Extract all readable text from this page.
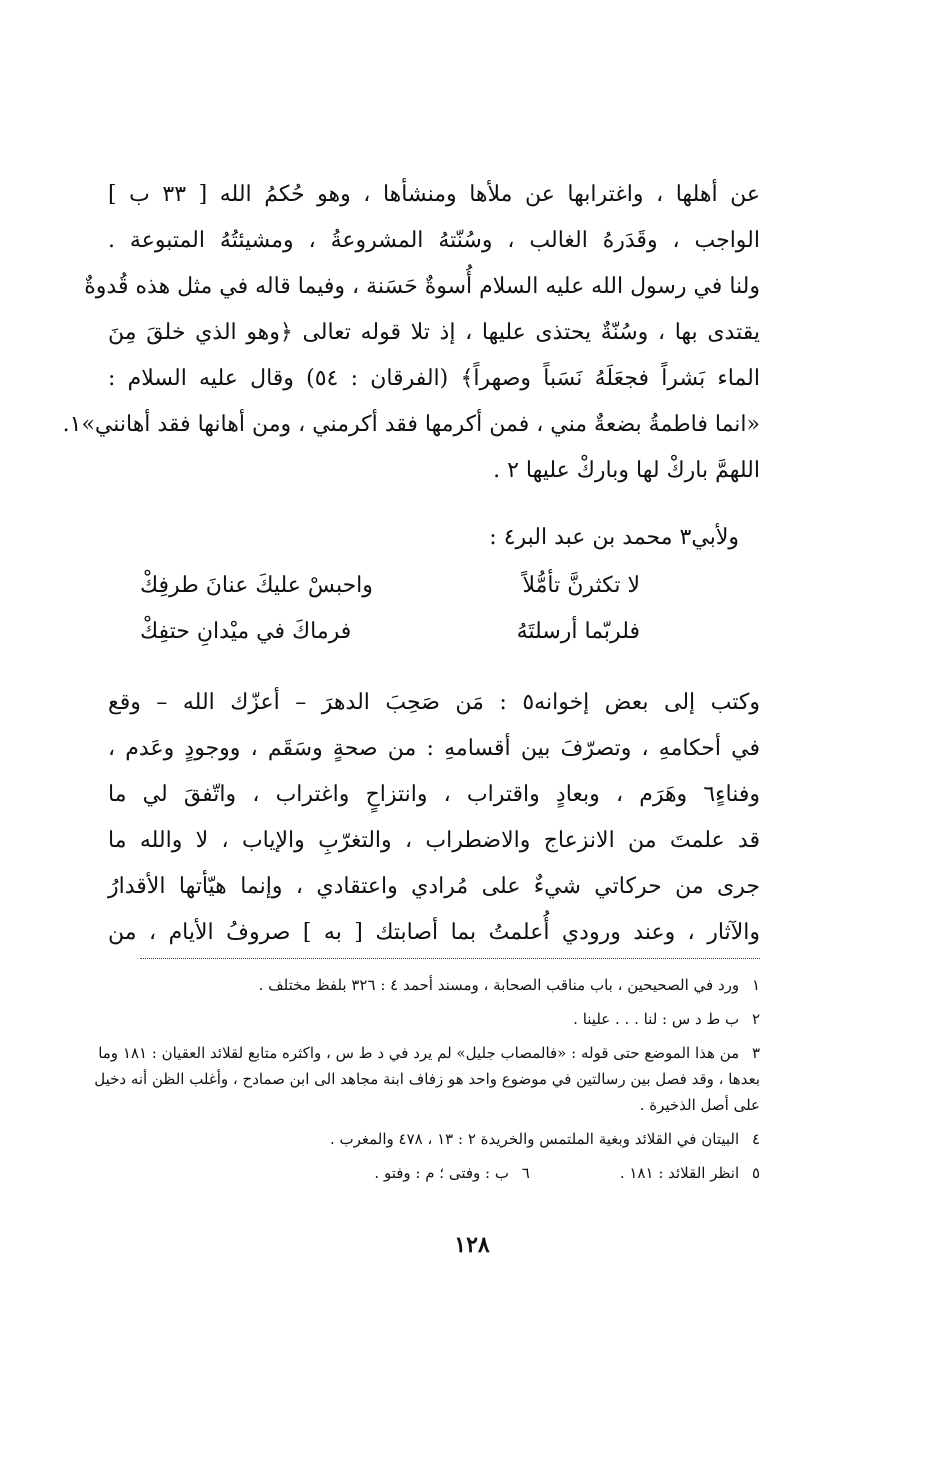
عن أهلها ، واغترابها عن ملأها ومنشأها ، وهو حُكمُ الله [ ٣٣ ب ]
الواجب ، وقَدَرهُ الغالب ، وسُنّتهُ المشروعةُ ، ومشيئتُهُ المتبوعة .
ولنا في رسول الله عليه السلام أُسوةٌ حَسَنة ، وفيما قاله في مثل هذه قُدوةٌ
يقتدى بها ، وسُنّةٌ يحتذى عليها ، إذ تلا قوله تعالى ﴿وهو الذي خلقَ مِنَ
الماء بَشراً فجعَلَهُ نَسَباً وصهراً﴾ (الفرقان : ٥٤) وقال عليه السلام :
«انما فاطمةُ بضعةٌ مني ، فمن أكرمها فقد أكرمني ، ومن أهانها فقد أهانني»١.
اللهمَّ باركْ لها وباركْ عليها ٢ .
ولأبي٣ محمد بن عبد البر٤ :
لا تكثرنَّ تأمُّلاً
واحبسْ عليكَ عنانَ طرفِكْ
فلربّما أرسلتَهُ
فرماكَ في ميْدانِ حتفِكْ
وكتب إلى بعض إخوانه٥ : مَن صَحِبَ الدهرَ – أعزّك الله – وقع
في أحكامهِ ، وتصرّفَ بين أقسامهِ : من صحةٍ وسَقَم ، ووجودٍ وعَدم ،
وفناءٍ٦ وهَرَم ، وبعادٍ واقتراب ، وانتزاحٍ واغتراب ، واتّفقَ لي ما
قد علمتَ من الانزعاج والاضطراب ، والتغرّبِ والإياب ، لا والله ما
جرى من حركاتي شيءٌ على مُرادي واعتقادي ، وإنما هيّأتها الأقدارُ
والآثار ، وعند ورودي أُعلمتُ بما أصابتك [ به ] صروفُ الأيام ، من
١ ورد في الصحيحين ، باب مناقب الصحابة ، ومسند أحمد ٤ : ٣٢٦ بلفظ مختلف .
٢ ب ط د س : لنا . . . علينا .
٣ من هذا الموضع حتى قوله : «فالمصاب جليل» لم يرد في د ط س ، واكثره متابع لقلائد العقيان : ١٨١ وما بعدها ، وقد فصل بين رسالتين في موضوع واحد هو زفاف ابنة مجاهد الى ابن صمادح ، وأغلب الظن أنه دخيل على أصل الذخيرة .
٤ البيتان في القلائد وبغية الملتمس والخريدة ٢ : ١٣ ، ٤٧٨ والمغرب .
٥ انظر القلائد : ١٨١ .
٦ ب : وفتى ؛ م : وفتو .
١٢٨
